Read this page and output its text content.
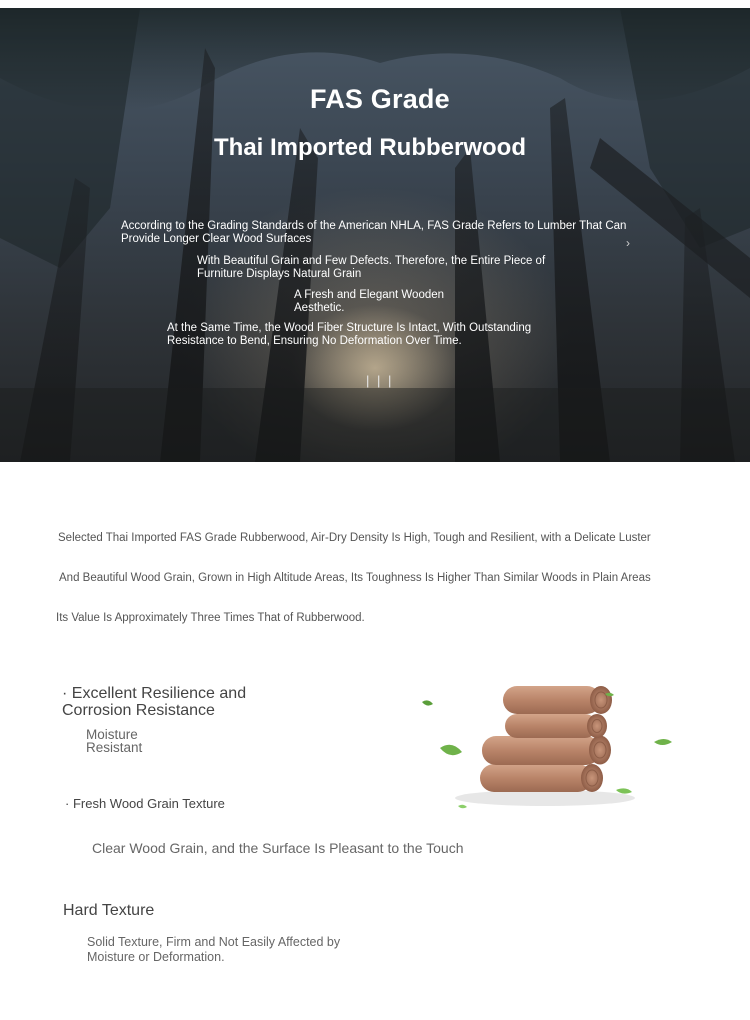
FAS Grade
Thai Imported Rubberwood

According to the Grading Standards of the American NHLA, FAS Grade Refers to Lumber That Can Provide Longer Clear Wood Surfaces

With Beautiful Grain and Few Defects. Therefore, the Entire Piece of Furniture Displays Natural Grain

A Fresh and Elegant Wooden Aesthetic.

At the Same Time, the Wood Fiber Structure Is Intact, With Outstanding Resistance to Bend, Ensuring No Deformation Over Time.

| | |
›

Selected Thai Imported FAS Grade Rubberwood, Air-Dry Density Is High, Tough and Resilient, with a Delicate Luster

And Beautiful Wood Grain, Grown in High Altitude Areas, Its Toughness Is Higher Than Similar Woods in Plain Areas

Its Value Is Approximately Three Times That of Rubberwood.

· Excellent Resilience and Corrosion Resistance

Moisture Resistant

· Fresh Wood Grain Texture

Clear Wood Grain, and the Surface Is Pleasant to the Touch

Hard Texture

Solid Texture, Firm and Not Easily Affected by Moisture or Deformation.
